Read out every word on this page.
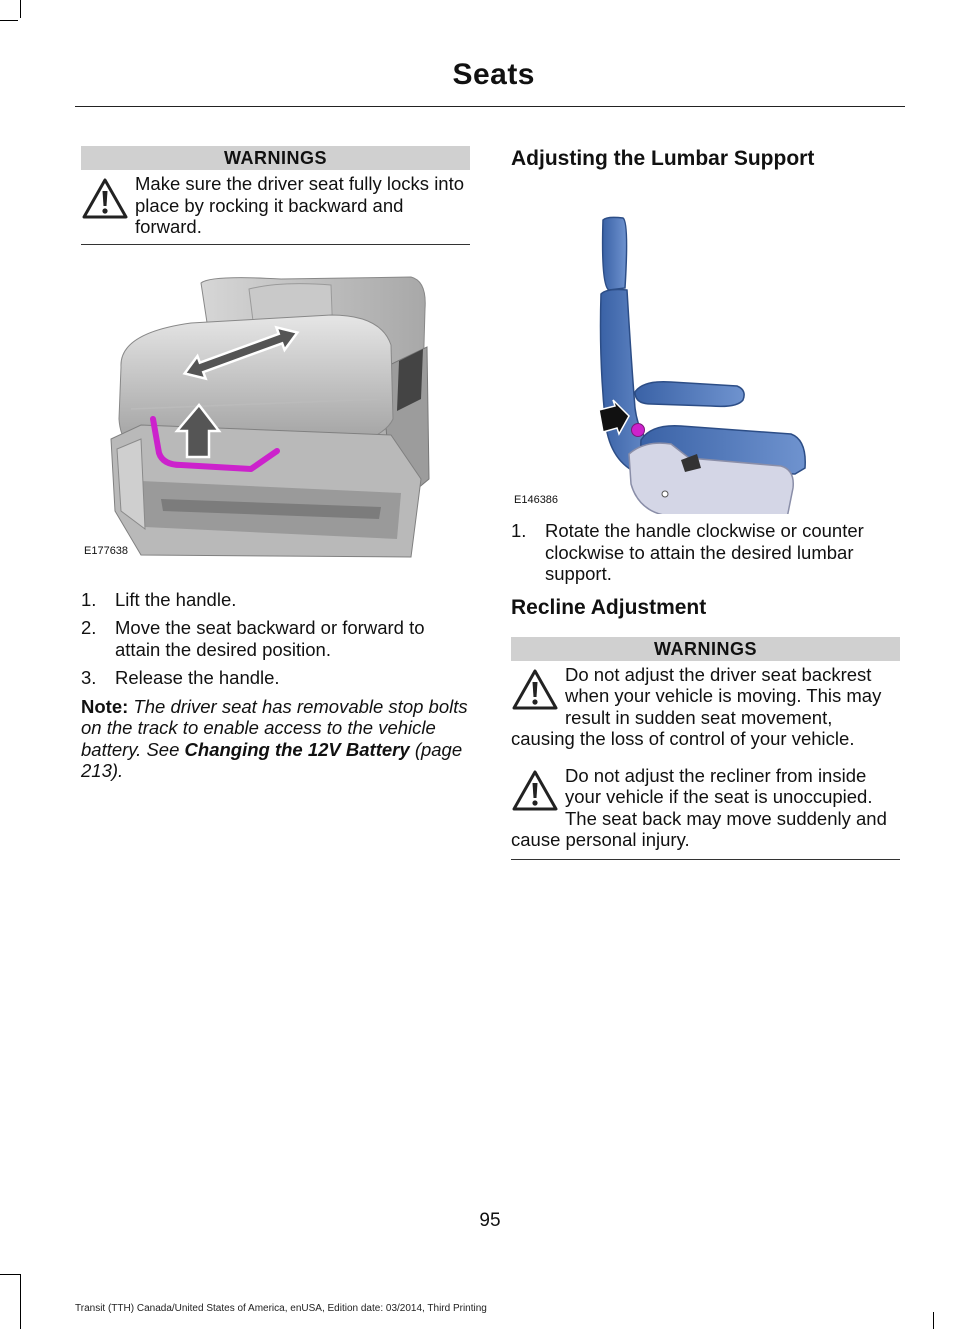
Seats
WARNINGS
Make sure the driver seat fully locks into place by rocking it backward and forward.
E177638
1. Lift the handle.
2. Move the seat backward or forward to attain the desired position.
3. Release the handle.
Note: The driver seat has removable stop bolts on the track to enable access to the vehicle battery. See Changing the 12V Battery (page 213).
Adjusting the Lumbar Support
E146386
1. Rotate the handle clockwise or counter clockwise to attain the desired lumbar support.
Recline Adjustment
WARNINGS
Do not adjust the driver seat backrest when your vehicle is moving. This may result in sudden seat movement, causing the loss of control of your vehicle.
Do not adjust the recliner from inside your vehicle if the seat is unoccupied. The seat back may move suddenly and cause personal injury.
95
Transit (TTH) Canada/United States of America, enUSA, Edition date: 03/2014, Third Printing
